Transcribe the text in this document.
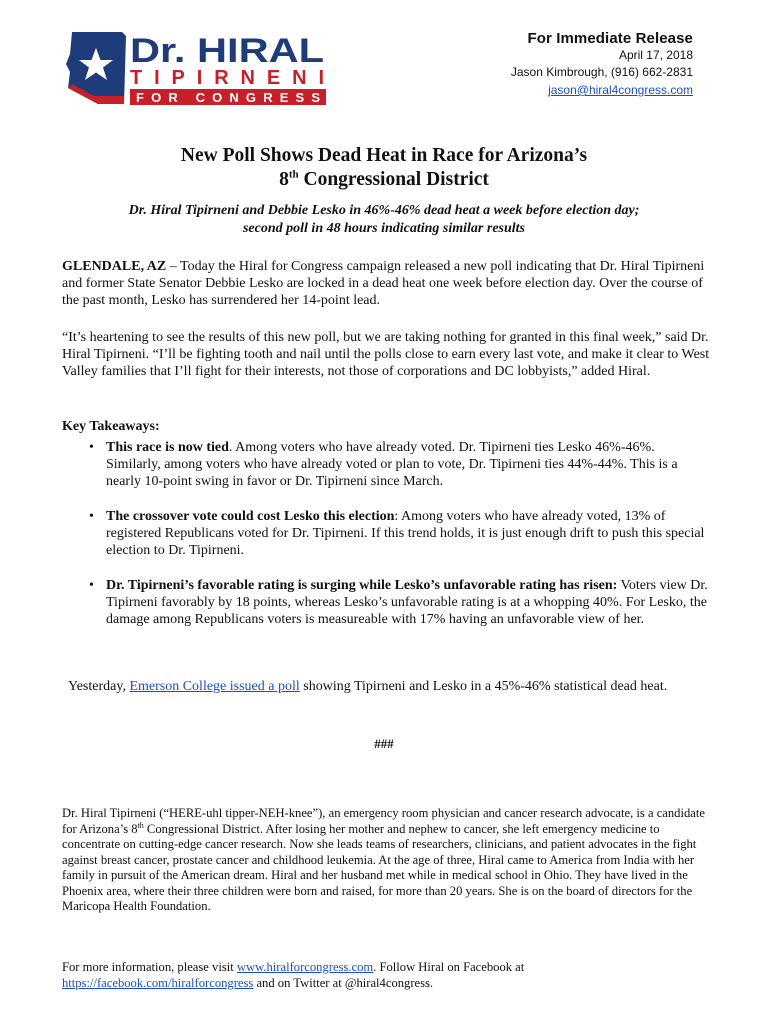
Dr. HIRAL
TIPIRNENI
FOR CONGRESS
For Immediate Release
April 17, 2018
Jason Kimbrough, (916) 662-2831
jason@hiral4congress.com
New Poll Shows Dead Heat in Race for Arizona’s
8th Congressional District
Dr. Hiral Tipirneni and Debbie Lesko in 46%-46% dead heat a week before election day;
second poll in 48 hours indicating similar results

GLENDALE, AZ – Today the Hiral for Congress campaign released a new poll indicating that Dr. Hiral Tipirneni and former State Senator Debbie Lesko are locked in a dead heat one week before election day. Over the course of the past month, Lesko has surrendered her 14-point lead.

“It’s heartening to see the results of this new poll, but we are taking nothing for granted in this final week,” said Dr. Hiral Tipirneni. “I’ll be fighting tooth and nail until the polls close to earn every last vote, and make it clear to West Valley families that I’ll fight for their interests, not those of corporations and DC lobbyists,” added Hiral.

Key Takeaways:
• This race is now tied. Among voters who have already voted. Dr. Tipirneni ties Lesko 46%-46%. Similarly, among voters who have already voted or plan to vote, Dr. Tipirneni ties 44%-44%. This is a nearly 10-point swing in favor or Dr. Tipirneni since March.
• The crossover vote could cost Lesko this election: Among voters who have already voted, 13% of registered Republicans voted for Dr. Tipirneni. If this trend holds, it is just enough drift to push this special election to Dr. Tipirneni.
• Dr. Tipirneni’s favorable rating is surging while Lesko’s unfavorable rating has risen: Voters view Dr. Tipirneni favorably by 18 points, whereas Lesko’s unfavorable rating is at a whopping 40%. For Lesko, the damage among Republicans voters is measureable with 17% having an unfavorable view of her.

Yesterday, Emerson College issued a poll showing Tipirneni and Lesko in a 45%-46% statistical dead heat.

###

Dr. Hiral Tipirneni (“HERE-uhl tipper-NEH-knee”), an emergency room physician and cancer research advocate, is a candidate for Arizona’s 8th Congressional District. After losing her mother and nephew to cancer, she left emergency medicine to concentrate on cutting-edge cancer research. Now she leads teams of researchers, clinicians, and patient advocates in the fight against breast cancer, prostate cancer and childhood leukemia. At the age of three, Hiral came to America from India with her family in pursuit of the American dream. Hiral and her husband met while in medical school in Ohio. They have lived in the Phoenix area, where their three children were born and raised, for more than 20 years. She is on the board of directors for the Maricopa Health Foundation.

For more information, please visit www.hiralforcongress.com. Follow Hiral on Facebook at https://facebook.com/hiralforcongress and on Twitter at @hiral4congress.
